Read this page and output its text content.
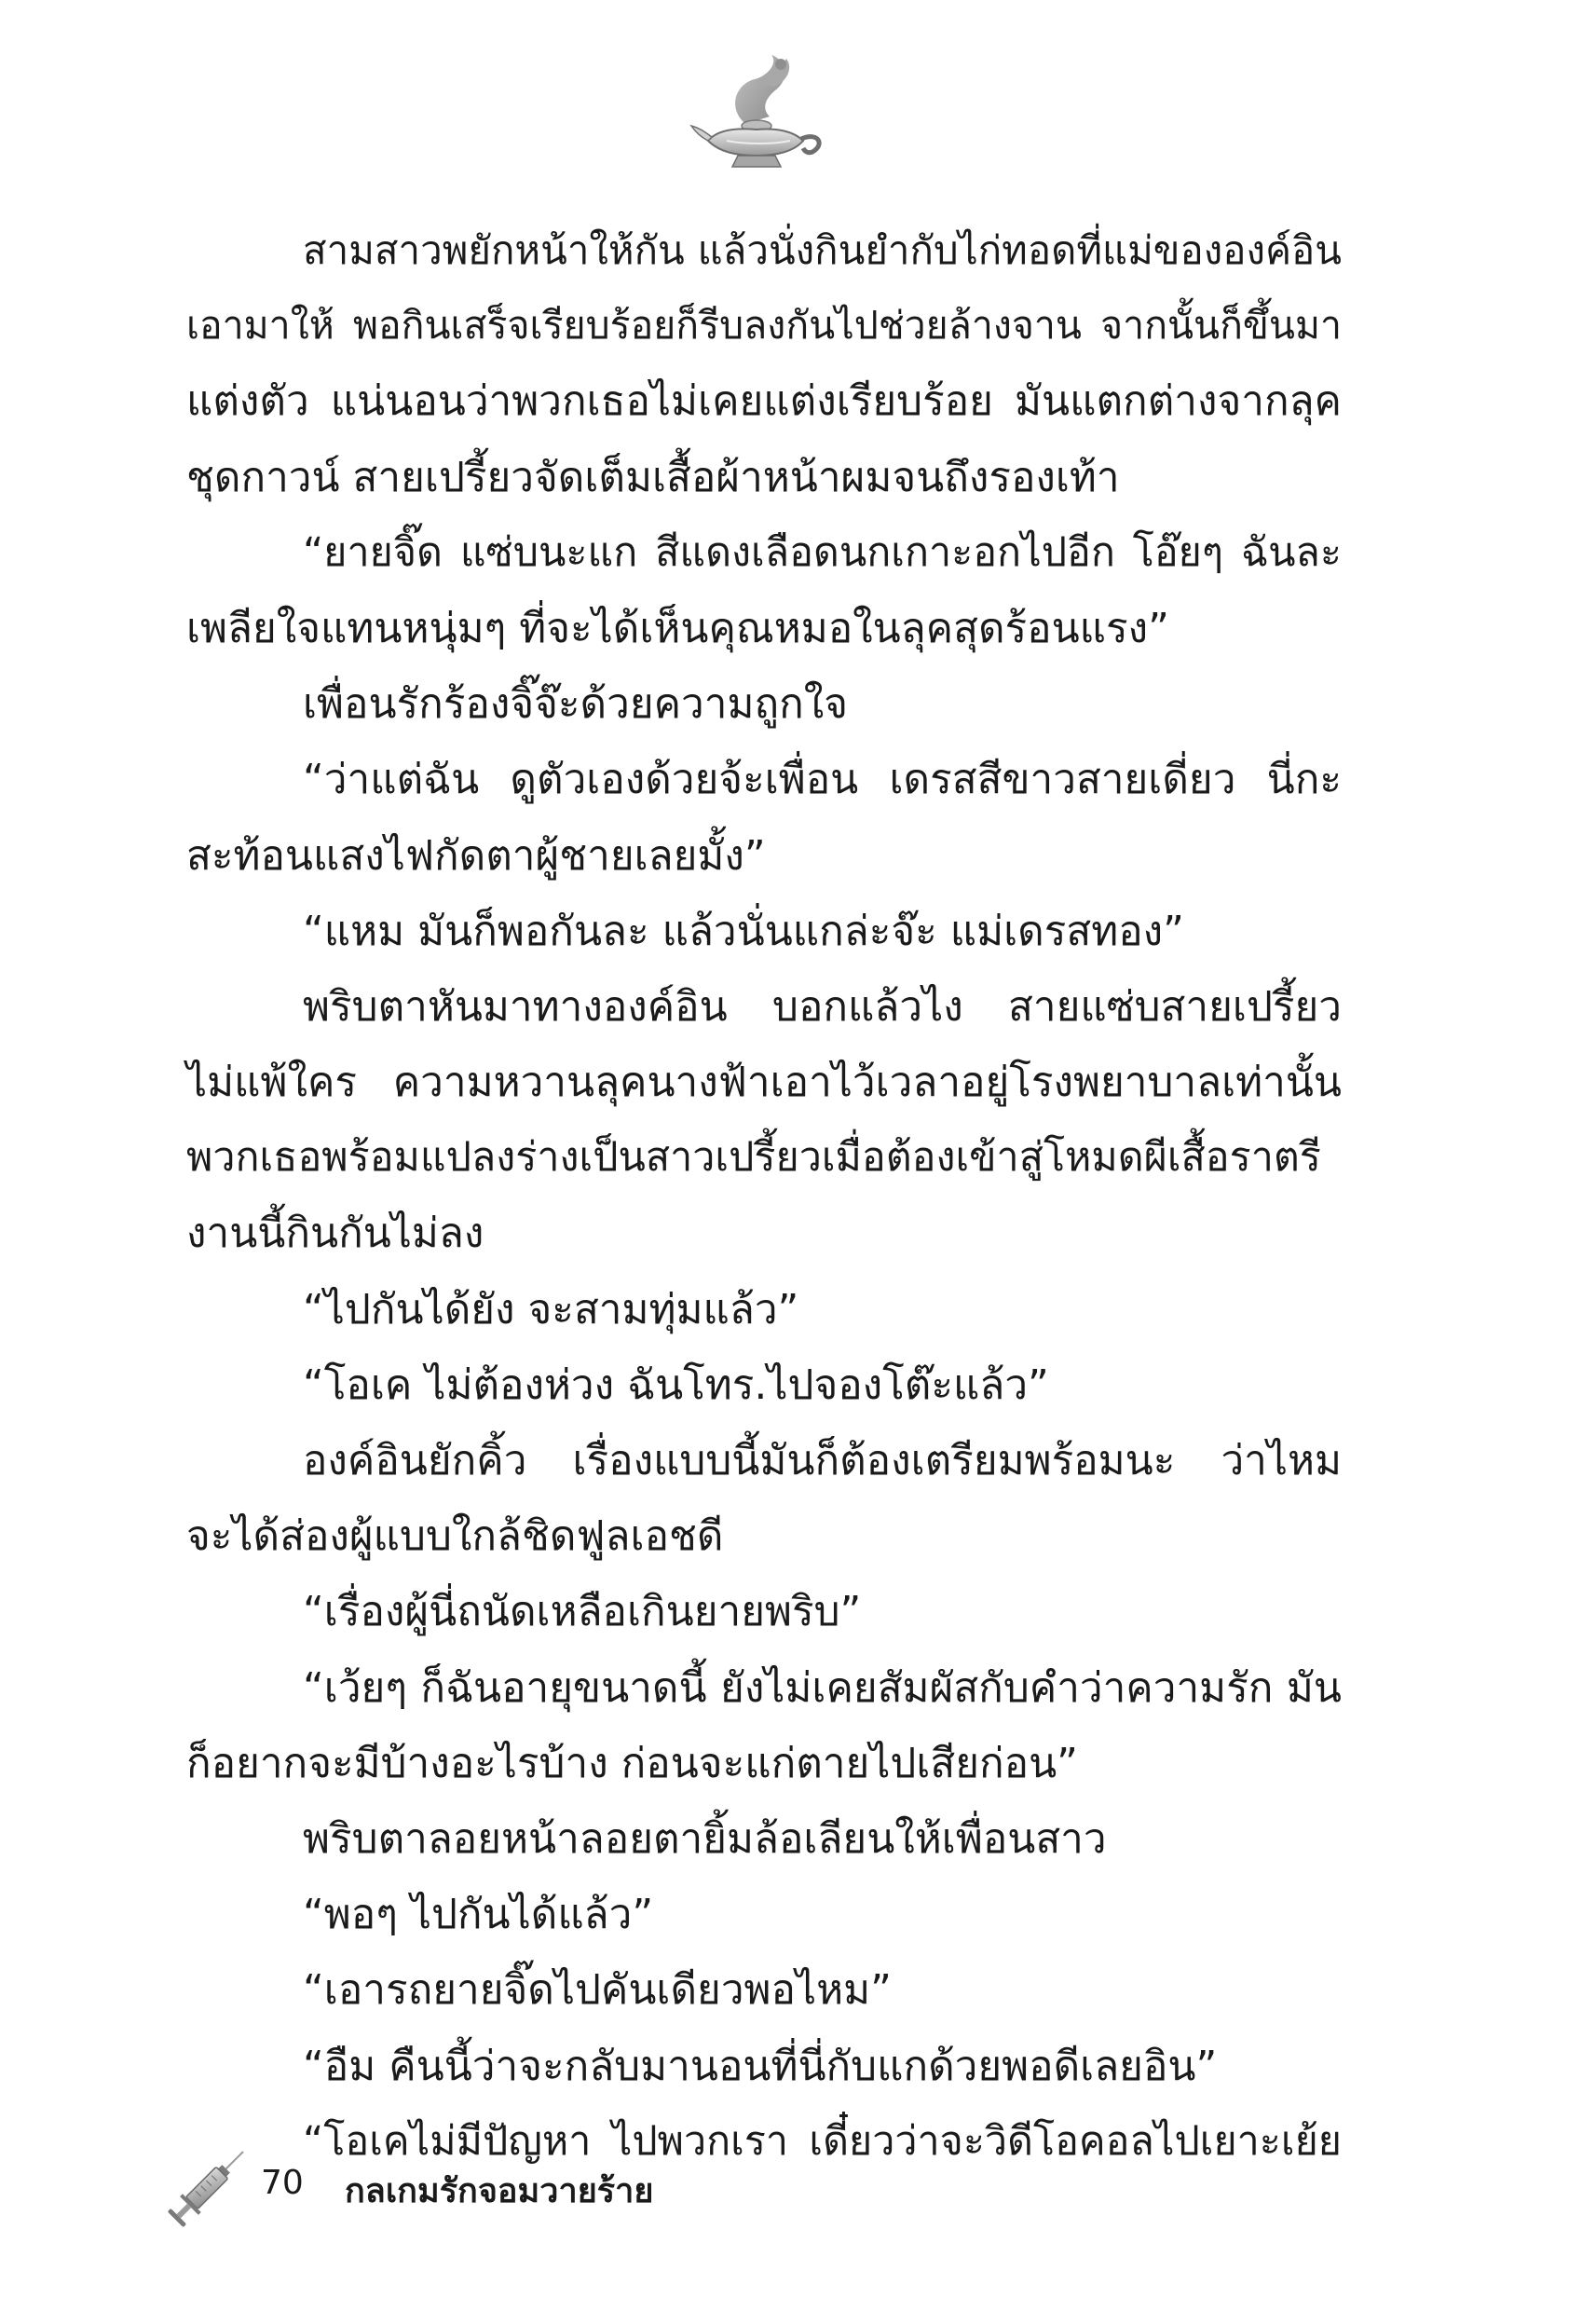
สามสาวพยักหน้าให้กัน แล้วนั่งกินยำกับไก่ทอดที่แม่ขององค์อิน
เอามาให้ พอกินเสร็จเรียบร้อยก็รีบลงกันไปช่วยล้างจาน จากนั้นก็ขึ้นมา
แต่งตัว แน่นอนว่าพวกเธอไม่เคยแต่งเรียบร้อย มันแตกต่างจากลุค
ชุดกาวน์ สายเปรี้ยวจัดเต็มเสื้อผ้าหน้าผมจนถึงรองเท้า
“ยายจิ๊ด แซ่บนะแก สีแดงเลือดนกเกาะอกไปอีก โอ๊ยๆ ฉันละ
เพลียใจแทนหนุ่มๆ ที่จะได้เห็นคุณหมอในลุคสุดร้อนแรง”
เพื่อนรักร้องจิ๊จ๊ะด้วยความถูกใจ
“ว่าแต่ฉัน ดูตัวเองด้วยจ้ะเพื่อน เดรสสีขาวสายเดี่ยว นี่กะ
สะท้อนแสงไฟกัดตาผู้ชายเลยมั้ง”
“แหม มันก็พอกันละ แล้วนั่นแกล่ะจ๊ะ แม่เดรสทอง”
พริบตาหันมาทางองค์อิน บอกแล้วไง สายแซ่บสายเปรี้ยว
ไม่แพ้ใคร ความหวานลุคนางฟ้าเอาไว้เวลาอยู่โรงพยาบาลเท่านั้น
พวกเธอพร้อมแปลงร่างเป็นสาวเปรี้ยวเมื่อต้องเข้าสู่โหมดผีเสื้อราตรี
งานนี้กินกันไม่ลง
“ไปกันได้ยัง จะสามทุ่มแล้ว”
“โอเค ไม่ต้องห่วง ฉันโทร.ไปจองโต๊ะแล้ว”
องค์อินยักคิ้ว เรื่องแบบนี้มันก็ต้องเตรียมพร้อมนะ ว่าไหม
จะได้ส่องผู้แบบใกล้ชิดฟูลเอชดี
“เรื่องผู้นี่ถนัดเหลือเกินยายพริบ”
“เว้ยๆ ก็ฉันอายุขนาดนี้ ยังไม่เคยสัมผัสกับคำว่าความรัก มัน
ก็อยากจะมีบ้างอะไรบ้าง ก่อนจะแก่ตายไปเสียก่อน”
พริบตาลอยหน้าลอยตายิ้มล้อเลียนให้เพื่อนสาว
“พอๆ ไปกันได้แล้ว”
“เอารถยายจิ๊ดไปคันเดียวพอไหม”
“อืม คืนนี้ว่าจะกลับมานอนที่นี่กับแกด้วยพอดีเลยอิน”
“โอเคไม่มีปัญหา ไปพวกเรา เดี๋ยวว่าจะวิดีโอคอลไปเยาะเย้ย
70 กลเกมรักจอมวายร้าย
